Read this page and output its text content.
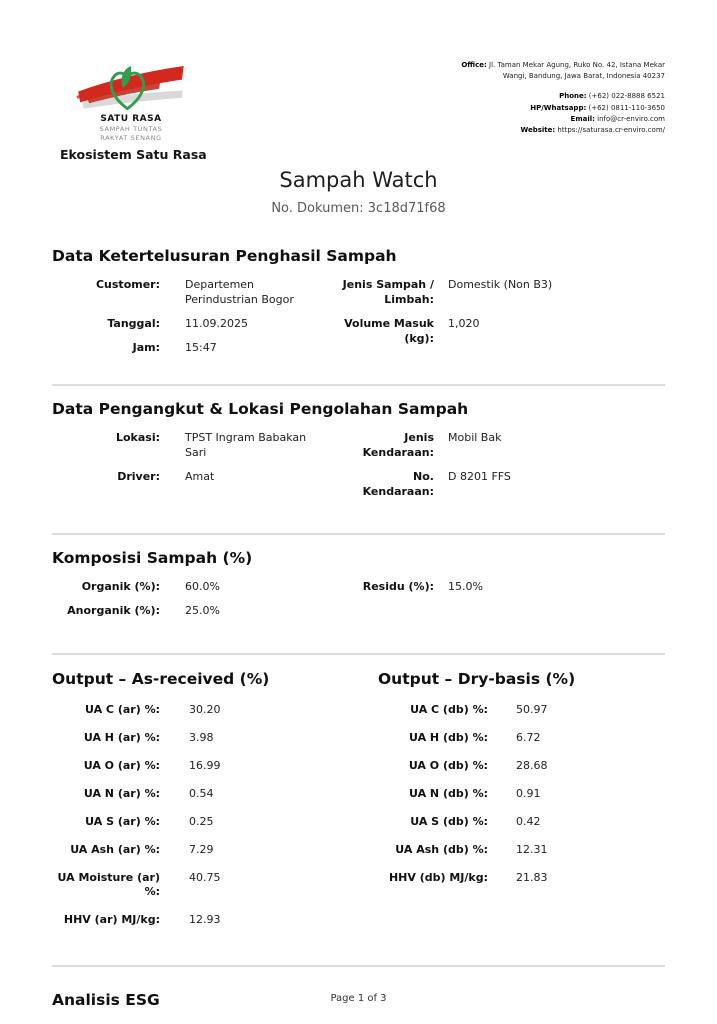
SATU RASA
SAMPAH TUNTAS
RAKYAT SENANG
Ekosistem Satu Rasa
Office: Jl. Taman Mekar Agung, Ruko No. 42, Istana Mekar
Wangi, Bandung, Jawa Barat, Indonesia 40237
Phone: (+62) 022-8888 6521
HP/Whatsapp: (+62) 0811-110-3650
Email: info@cr-enviro.com
Website: https://saturasa.cr-enviro.com/
Sampah Watch
No. Dokumen: 3c18d71f68
Data Ketertelusuran Penghasil Sampah
Customer:	Departemen Perindustrian Bogor
Tanggal:	11.09.2025
Jam:	15:47
Jenis Sampah / Limbah:
Domestik (Non B3)
Volume Masuk (kg):
1,020
Data Pengangkut & Lokasi Pengolahan Sampah
Lokasi:	TPST Ingram Babakan Sari
Driver:	Amat
Jenis Kendaraan:
Mobil Bak
No. Kendaraan:
D 8201 FFS
Komposisi Sampah (%)
Organik (%):	60.0%
Anorganik (%):	25.0%
Residu (%):	15.0%
Output – As-received (%)
UA C (ar) %:	30.20
UA H (ar) %:	3.98
UA O (ar) %:	16.99
UA N (ar) %:	0.54
UA S (ar) %:	0.25
UA Ash (ar) %:	7.29
UA Moisture (ar) %:
40.75
HHV (ar) MJ/kg:	12.93
Output – Dry-basis (%)
UA C (db) %:	50.97
UA H (db) %:	6.72
UA O (db) %:	28.68
UA N (db) %:	0.91
UA S (db) %:	0.42
UA Ash (db) %:	12.31
HHV (db) MJ/kg:	21.83
Analisis ESG	Page 1 of 3
